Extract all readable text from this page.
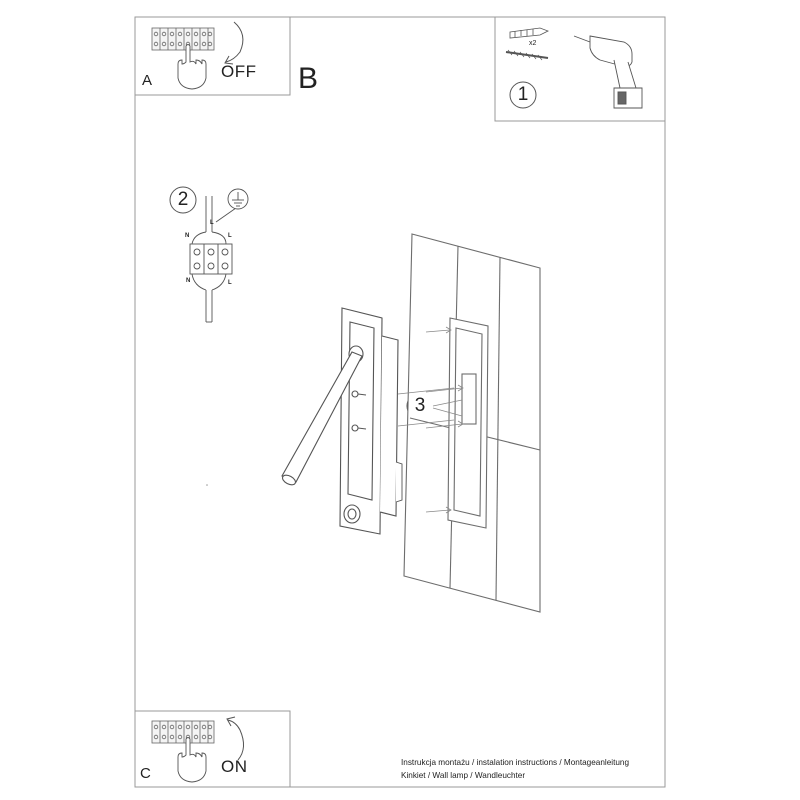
A	OFF
C	ON
B	1
2
3
x2
N	L
L
N	L
Instrukcja montażu / instalation instructions / Montageanleitung
Kinkiet / Wall lamp / Wandleuchter
